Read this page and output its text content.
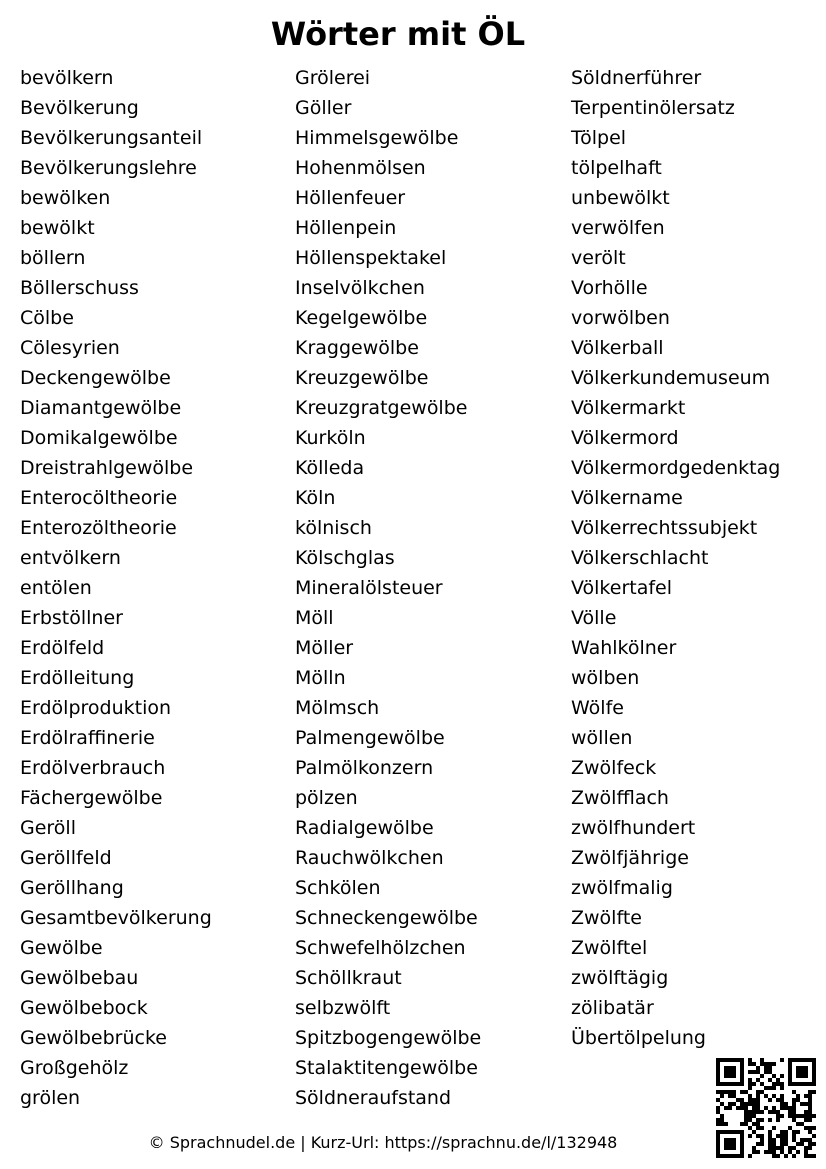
Wörter mit ÖL
bevölkern
Bevölkerung
Bevölkerungsanteil
Bevölkerungslehre
bewölken
bewölkt
böllern
Böllerschuss
Cölbe
Cölesyrien
Deckengewölbe
Diamantgewölbe
Domikalgewölbe
Dreistrahlgewölbe
Enterocöltheorie
Enterozöltheorie
entvölkern
entölen
Erbstöllner
Erdölfeld
Erdölleitung
Erdölproduktion
Erdölraffinerie
Erdölverbrauch
Fächergewölbe
Geröll
Geröllfeld
Geröllhang
Gesamtbevölkerung
Gewölbe
Gewölbebau
Gewölbebock
Gewölbebrücke
Großgehölz
grölen
Grölerei
Göller
Himmelsgewölbe
Hohenmölsen
Höllenfeuer
Höllenpein
Höllenspektakel
Inselvölkchen
Kegelgewölbe
Kraggewölbe
Kreuzgewölbe
Kreuzgratgewölbe
Kurköln
Kölleda
Köln
kölnisch
Kölschglas
Mineralölsteuer
Möll
Möller
Mölln
Mölmsch
Palmengewölbe
Palmölkonzern
pölzen
Radialgewölbe
Rauchwölkchen
Schkölen
Schneckengewölbe
Schwefelhölzchen
Schöllkraut
selbzwölft
Spitzbogengewölbe
Stalaktitengewölbe
Söldneraufstand
Söldnerführer
Terpentinölersatz
Tölpel
tölpelhaft
unbewölkt
verwölfen
verölt
Vorhölle
vorwölben
Völkerball
Völkerkundemuseum
Völkermarkt
Völkermord
Völkermordgedenktag
Völkername
Völkerrechtssubjekt
Völkerschlacht
Völkertafel
Völle
Wahlkölner
wölben
Wölfe
wöllen
Zwölfeck
Zwölfflach
zwölfhundert
Zwölfjährige
zwölfmalig
Zwölfte
Zwölftel
zwölftägig
zölibatär
Übertölpelung
© Sprachnudel.de | Kurz-Url: https://sprachnu.de/l/132948
